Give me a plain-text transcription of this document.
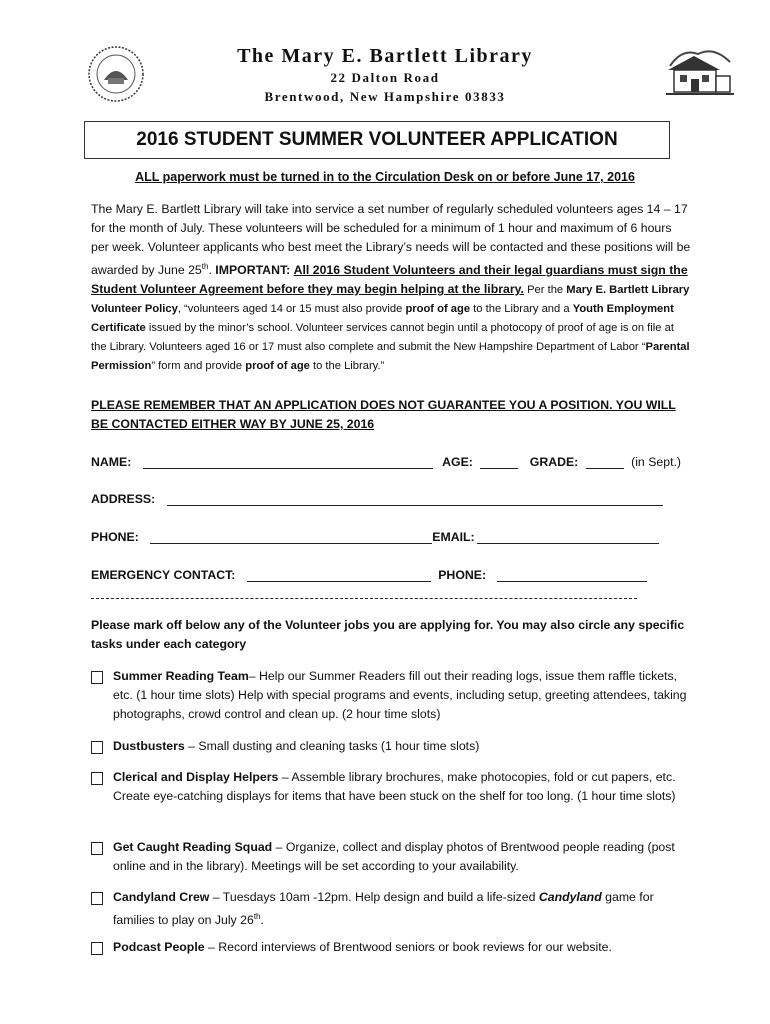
The Mary E. Bartlett Library
22 Dalton Road
Brentwood, New Hampshire 03833
2016 STUDENT SUMMER VOLUNTEER APPLICATION
ALL paperwork must be turned in to the Circulation Desk on or before June 17, 2016
The Mary E. Bartlett Library will take into service a set number of regularly scheduled volunteers ages 14 – 17 for the month of July. These volunteers will be scheduled for a minimum of 1 hour and maximum of 6 hours per week. Volunteer applicants who best meet the Library’s needs will be contacted and these positions will be awarded by June 25th. IMPORTANT: All 2016 Student Volunteers and their legal guardians must sign the Student Volunteer Agreement before they may begin helping at the library. Per the Mary E. Bartlett Library Volunteer Policy, “volunteers aged 14 or 15 must also provide proof of age to the Library and a Youth Employment Certificate issued by the minor’s school. Volunteer services cannot begin until a photocopy of proof of age is on file at the Library. Volunteers aged 16 or 17 must also complete and submit the New Hampshire Department of Labor “Parental Permission” form and provide proof of age to the Library.”
PLEASE REMEMBER THAT AN APPLICATION DOES NOT GUARANTEE YOU A POSITION. YOU WILL BE CONTACTED EITHER WAY BY JUNE 25, 2016
NAME:	AGE:	GRADE:	(in Sept.)
ADDRESS:
PHONE:	EMAIL:
EMERGENCY CONTACT:	PHONE:
Please mark off below any of the Volunteer jobs you are applying for. You may also circle any specific tasks under each category
Summer Reading Team– Help our Summer Readers fill out their reading logs, issue them raffle tickets, etc. (1 hour time slots) Help with special programs and events, including setup, greeting attendees, taking photographs, crowd control and clean up. (2 hour time slots)
Dustbusters – Small dusting and cleaning tasks (1 hour time slots)
Clerical and Display Helpers – Assemble library brochures, make photocopies, fold or cut papers, etc. Create eye-catching displays for items that have been stuck on the shelf for too long. (1 hour time slots)
Get Caught Reading Squad – Organize, collect and display photos of Brentwood people reading (post online and in the library). Meetings will be set according to your availability.
Candyland Crew – Tuesdays 10am -12pm. Help design and build a life-sized Candyland game for families to play on July 26th.
Podcast People – Record interviews of Brentwood seniors or book reviews for our website.
